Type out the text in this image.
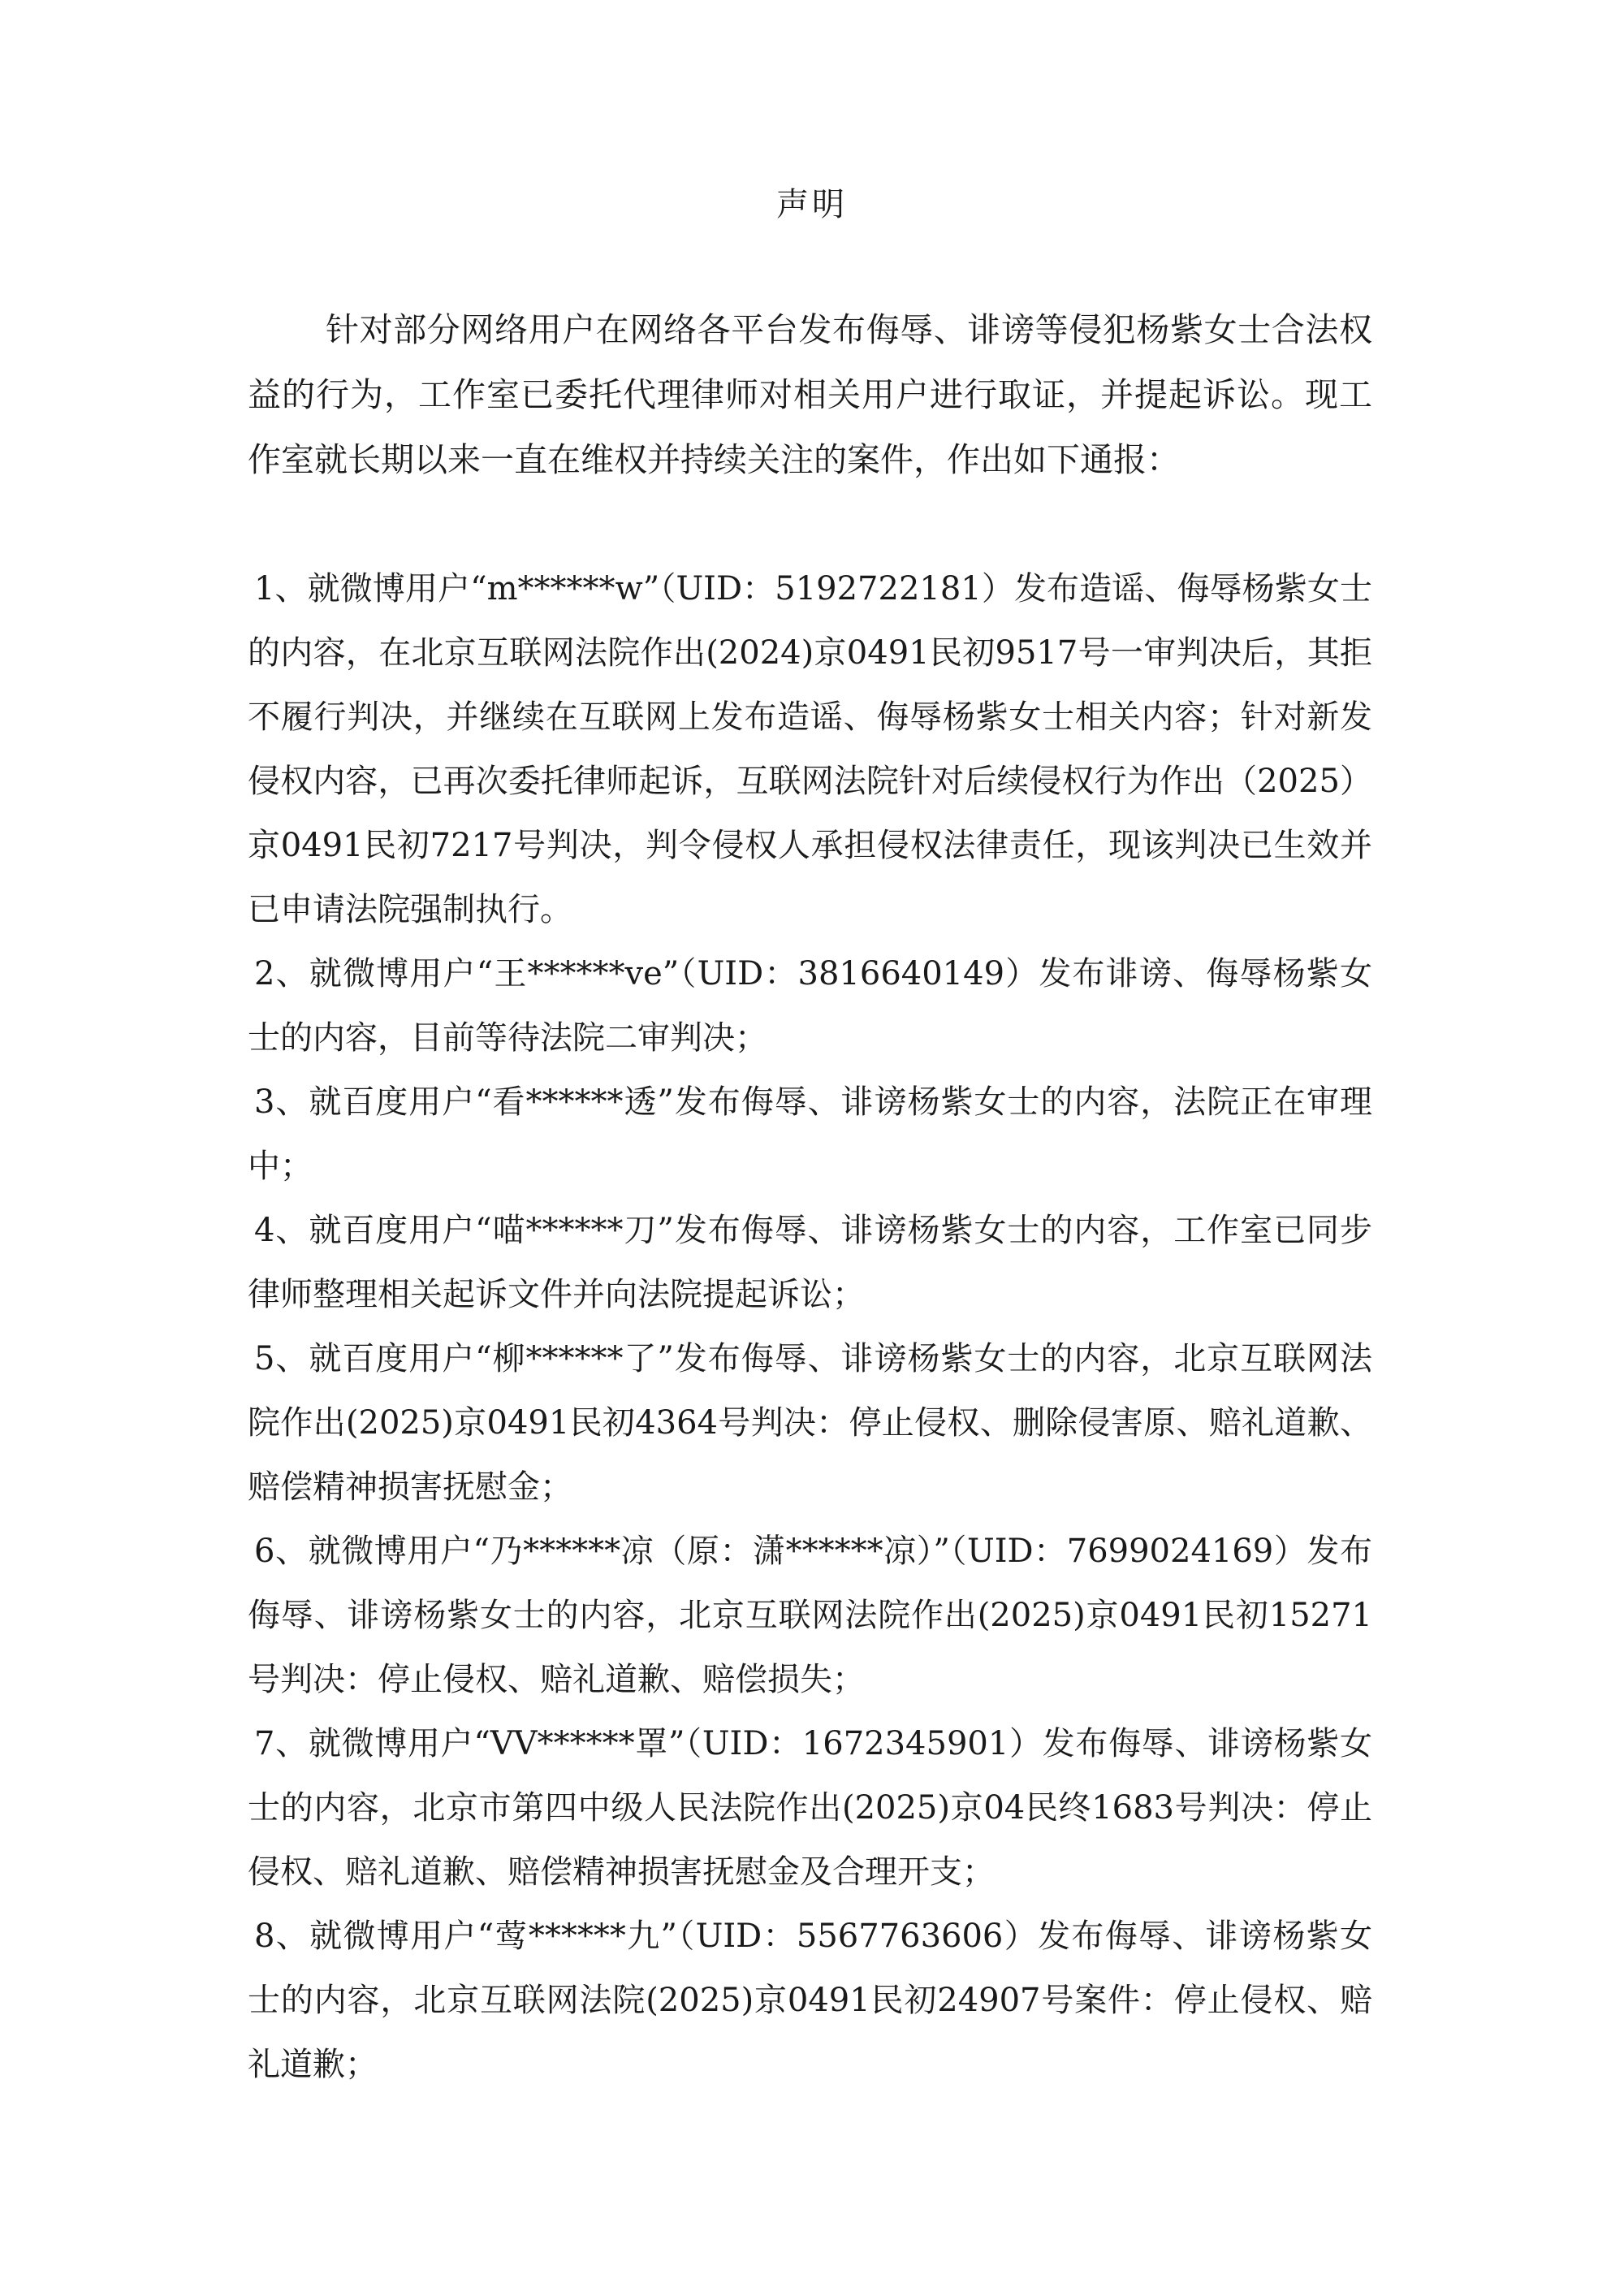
声明

针对部分网络用户在网络各平台发布侮辱、诽谤等侵犯杨紫女士合法权益的行为，工作室已委托代理律师对相关用户进行取证，并提起诉讼。现工作室就长期以来一直在维权并持续关注的案件，作出如下通报：

1、就微博用户“m******w”（UID：5192722181）发布造谣、侮辱杨紫女士的内容，在北京互联网法院作出(2024)京0491民初9517号一审判决后，其拒不履行判决，并继续在互联网上发布造谣、侮辱杨紫女士相关内容；针对新发侵权内容，已再次委托律师起诉，互联网法院针对后续侵权行为作出（2025）京0491民初7217号判决，判令侵权人承担侵权法律责任，现该判决已生效并已申请法院强制执行。

2、就微博用户“王******ve”（UID：3816640149）发布诽谤、侮辱杨紫女士的内容，目前等待法院二审判决；

3、就百度用户“看******透”发布侮辱、诽谤杨紫女士的内容，法院正在审理中；

4、就百度用户“喵******刀”发布侮辱、诽谤杨紫女士的内容，工作室已同步律师整理相关起诉文件并向法院提起诉讼；

5、就百度用户“柳******了”发布侮辱、诽谤杨紫女士的内容，北京互联网法院作出(2025)京0491民初4364号判决：停止侵权、删除侵害原、赔礼道歉、赔偿精神损害抚慰金；

6、就微博用户“乃******凉（原：潇******凉）”（UID：7699024169）发布侮辱、诽谤杨紫女士的内容，北京互联网法院作出(2025)京0491民初15271号判决：停止侵权、赔礼道歉、赔偿损失；

7、就微博用户“VV******罩”（UID：1672345901）发布侮辱、诽谤杨紫女士的内容，北京市第四中级人民法院作出(2025)京04民终1683号判决：停止侵权、赔礼道歉、赔偿精神损害抚慰金及合理开支；

8、就微博用户“莺******九”（UID：5567763606）发布侮辱、诽谤杨紫女士的内容，北京互联网法院(2025)京0491民初24907号案件：停止侵权、赔礼道歉；
